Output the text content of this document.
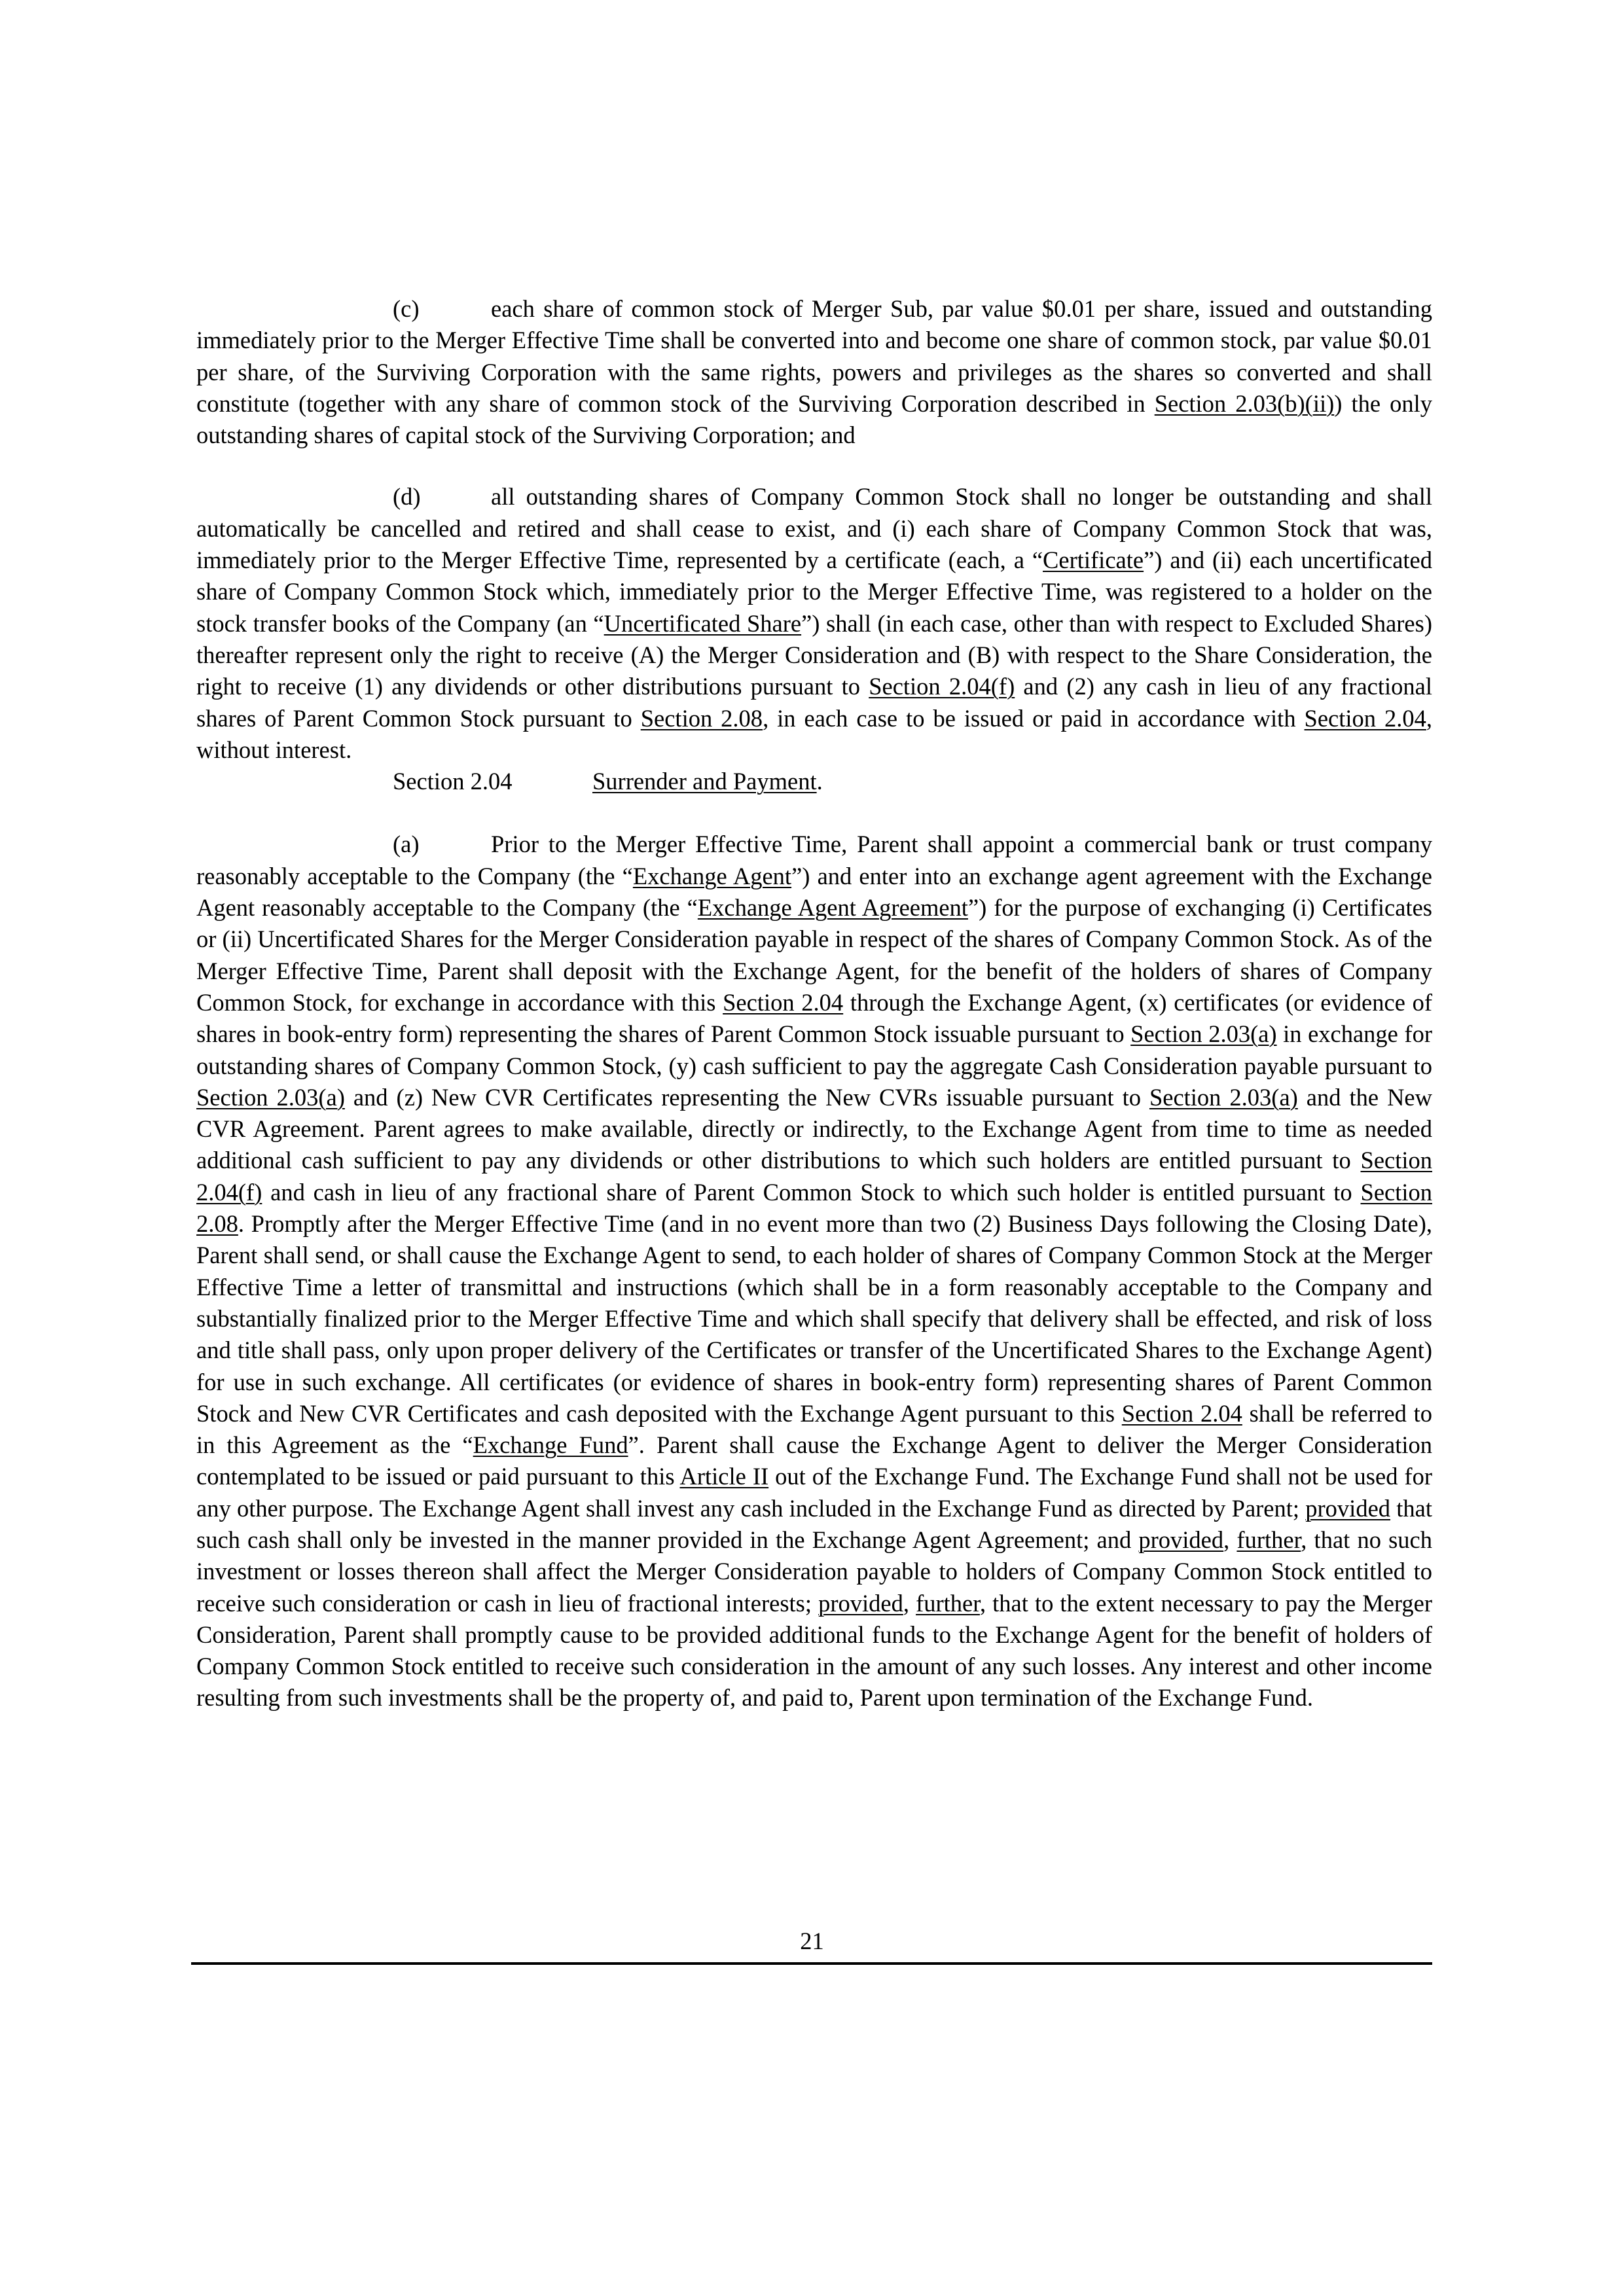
(c)	each share of common stock of Merger Sub, par value $0.01 per share, issued and outstanding immediately prior to the Merger Effective Time shall be converted into and become one share of common stock, par value $0.01 per share, of the Surviving Corporation with the same rights, powers and privileges as the shares so converted and shall constitute (together with any share of common stock of the Surviving Corporation described in Section 2.03(b)(ii)) the only outstanding shares of capital stock of the Surviving Corporation; and

(d)	all outstanding shares of Company Common Stock shall no longer be outstanding and shall automatically be cancelled and retired and shall cease to exist, and (i) each share of Company Common Stock that was, immediately prior to the Merger Effective Time, represented by a certificate (each, a “Certificate”) and (ii) each uncertificated share of Company Common Stock which, immediately prior to the Merger Effective Time, was registered to a holder on the stock transfer books of the Company (an “Uncertificated Share”) shall (in each case, other than with respect to Excluded Shares) thereafter represent only the right to receive (A) the Merger Consideration and (B) with respect to the Share Consideration, the right to receive (1) any dividends or other distributions pursuant to Section 2.04(f) and (2) any cash in lieu of any fractional shares of Parent Common Stock pursuant to Section 2.08, in each case to be issued or paid in accordance with Section 2.04, without interest.

Section 2.04	Surrender and Payment.

(a)	Prior to the Merger Effective Time, Parent shall appoint a commercial bank or trust company reasonably acceptable to the Company (the “Exchange Agent”) and enter into an exchange agent agreement with the Exchange Agent reasonably acceptable to the Company (the “Exchange Agent Agreement”) for the purpose of exchanging (i) Certificates or (ii) Uncertificated Shares for the Merger Consideration payable in respect of the shares of Company Common Stock. As of the Merger Effective Time, Parent shall deposit with the Exchange Agent, for the benefit of the holders of shares of Company Common Stock, for exchange in accordance with this Section 2.04 through the Exchange Agent, (x) certificates (or evidence of shares in book-entry form) representing the shares of Parent Common Stock issuable pursuant to Section 2.03(a) in exchange for outstanding shares of Company Common Stock, (y) cash sufficient to pay the aggregate Cash Consideration payable pursuant to Section 2.03(a) and (z) New CVR Certificates representing the New CVRs issuable pursuant to Section 2.03(a) and the New CVR Agreement. Parent agrees to make available, directly or indirectly, to the Exchange Agent from time to time as needed additional cash sufficient to pay any dividends or other distributions to which such holders are entitled pursuant to Section 2.04(f) and cash in lieu of any fractional share of Parent Common Stock to which such holder is entitled pursuant to Section 2.08. Promptly after the Merger Effective Time (and in no event more than two (2) Business Days following the Closing Date), Parent shall send, or shall cause the Exchange Agent to send, to each holder of shares of Company Common Stock at the Merger Effective Time a letter of transmittal and instructions (which shall be in a form reasonably acceptable to the Company and substantially finalized prior to the Merger Effective Time and which shall specify that delivery shall be effected, and risk of loss and title shall pass, only upon proper delivery of the Certificates or transfer of the Uncertificated Shares to the Exchange Agent) for use in such exchange. All certificates (or evidence of shares in book-entry form) representing shares of Parent Common Stock and New CVR Certificates and cash deposited with the Exchange Agent pursuant to this Section 2.04 shall be referred to in this Agreement as the “Exchange Fund”. Parent shall cause the Exchange Agent to deliver the Merger Consideration contemplated to be issued or paid pursuant to this Article II out of the Exchange Fund. The Exchange Fund shall not be used for any other purpose. The Exchange Agent shall invest any cash included in the Exchange Fund as directed by Parent; provided that such cash shall only be invested in the manner provided in the Exchange Agent Agreement; and provided, further, that no such investment or losses thereon shall affect the Merger Consideration payable to holders of Company Common Stock entitled to receive such consideration or cash in lieu of fractional interests; provided, further, that to the extent necessary to pay the Merger Consideration, Parent shall promptly cause to be provided additional funds to the Exchange Agent for the benefit of holders of Company Common Stock entitled to receive such consideration in the amount of any such losses. Any interest and other income resulting from such investments shall be the property of, and paid to, Parent upon termination of the Exchange Fund.

21
